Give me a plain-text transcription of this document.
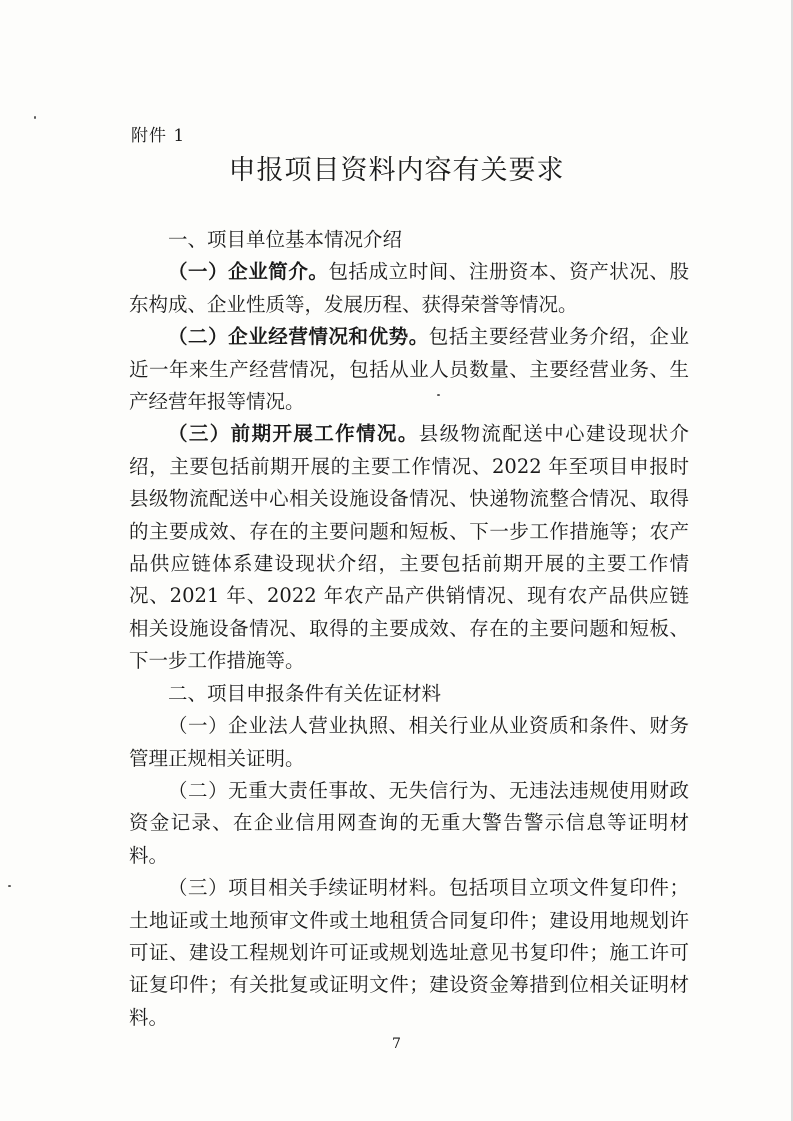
附件 1
申报项目资料内容有关要求

一、项目单位基本情况介绍

（一）企业简介。包括成立时间、注册资本、资产状况、股东构成、企业性质等，发展历程、获得荣誉等情况。

（二）企业经营情况和优势。包括主要经营业务介绍，企业近一年来生产经营情况，包括从业人员数量、主要经营业务、生产经营年报等情况。

（三）前期开展工作情况。县级物流配送中心建设现状介绍，主要包括前期开展的主要工作情况、2022 年至项目申报时县级物流配送中心相关设施设备情况、快递物流整合情况、取得的主要成效、存在的主要问题和短板、下一步工作措施等；农产品供应链体系建设现状介绍，主要包括前期开展的主要工作情况、2021 年、2022 年农产品产供销情况、现有农产品供应链相关设施设备情况、取得的主要成效、存在的主要问题和短板、下一步工作措施等。

二、项目申报条件有关佐证材料

（一）企业法人营业执照、相关行业从业资质和条件、财务管理正规相关证明。

（二）无重大责任事故、无失信行为、无违法违规使用财政资金记录、在企业信用网查询的无重大警告警示信息等证明材料。

（三）项目相关手续证明材料。包括项目立项文件复印件；土地证或土地预审文件或土地租赁合同复印件；建设用地规划许可证、建设工程规划许可证或规划选址意见书复印件；施工许可证复印件；有关批复或证明文件；建设资金筹措到位相关证明材料。

7
